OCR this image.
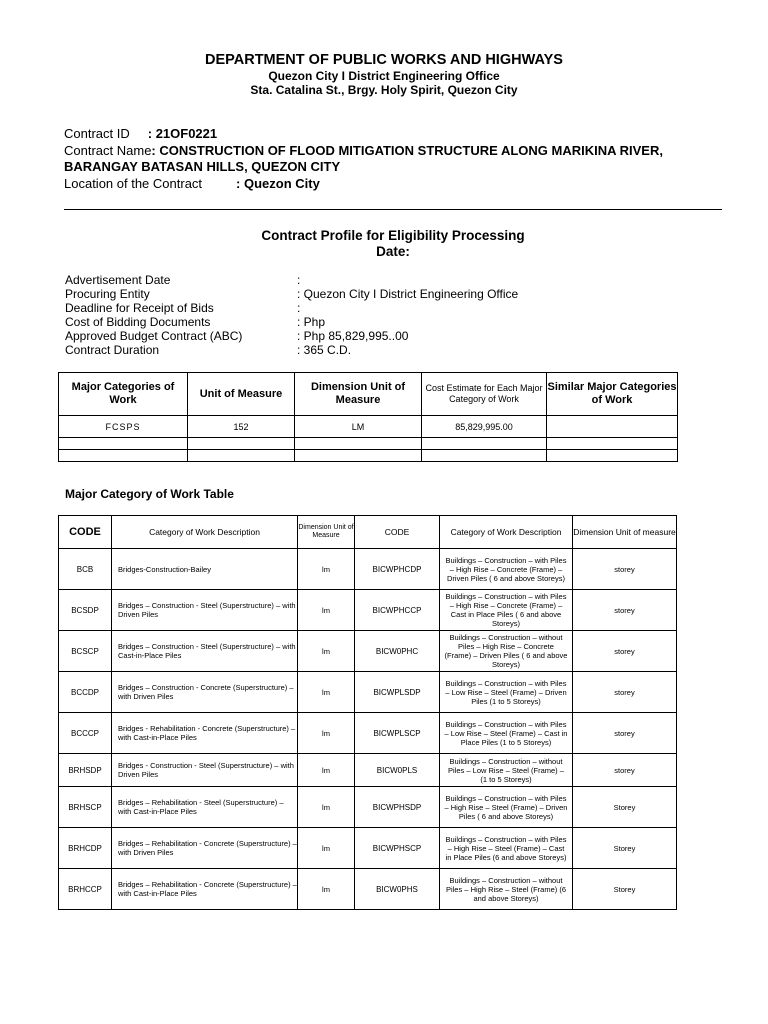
DEPARTMENT OF PUBLIC WORKS AND HIGHWAYS
Quezon City I District Engineering Office
Sta. Catalina St., Brgy. Holy Spirit, Quezon City
Contract ID : 21OF0221
Contract Name: CONSTRUCTION OF FLOOD MITIGATION STRUCTURE ALONG MARIKINA RIVER, BARANGAY BATASAN HILLS, QUEZON CITY
Location of the Contract	: Quezon City
Contract Profile for Eligibility Processing
Date:
Advertisement Date	:
Procuring Entity	: Quezon City I District Engineering Office
Deadline for Receipt of Bids	:
Cost of Bidding Documents	: Php
Approved Budget Contract (ABC)	: Php 85,829,995..00
Contract Duration	: 365 C.D.
Major Categories of Work	Unit of Measure	Dimension Unit of Measure	Cost Estimate for Each Major Category of Work	Similar Major Categories of Work
FCSPS	152	LM	85,829,995.00	

Major Category of Work Table
CODE	Category of Work Description	Dimension Unit of Measure	CODE	Category of Work Description	Dimension Unit of measure
BCB	Bridges-Construction-Bailey	lm	BICWPHCDP	Buildings – Construction – with Piles – High Rise – Concrete (Frame) – Driven Piles ( 6 and above Storeys)	storey
BCSDP	Bridges – Construction - Steel (Superstructure) – with Driven Piles	lm	BICWPHCCP	Buildings – Construction – with Piles – High Rise – Concrete (Frame) – Cast in Place Piles ( 6 and above Storeys)	storey
BCSCP	Bridges – Construction - Steel (Superstructure) – with Cast-in-Place Piles	lm	BICW0PHC	Buildings – Construction – without Piles – High Rise – Concrete (Frame) – Driven Piles ( 6 and above Storeys)	storey
BCCDP	Bridges – Construction - Concrete (Superstructure) – with Driven Piles	lm	BICWPLSDP	Buildings – Construction – with Piles – Low Rise – Steel (Frame) – Driven Piles (1 to 5 Storeys)	storey
BCCCP	Bridges - Rehabilitation - Concrete (Superstructure) – with Cast-in-Place Piles	lm	BICWPLSCP	Buildings – Construction – with Piles – Low Rise – Steel (Frame) – Cast in Place Piles (1 to 5 Storeys)	storey
BRHSDP	Bridges - Construction - Steel (Superstructure) – with Driven Piles	lm	BICW0PLS	Buildings – Construction – without Piles – Low Rise – Steel (Frame) – (1 to 5 Storeys)	storey
BRHSCP	Bridges – Rehabilitation - Steel (Superstructure) – with Cast-in-Place Piles	lm	BICWPHSDP	Buildings – Construction – with Piles – High Rise – Steel (Frame) – Driven Piles ( 6 and above Storeys)	Storey
BRHCDP	Bridges – Rehabilitation - Concrete (Superstructure) – with Driven Piles	lm	BICWPHSCP	Buildings – Construction – with Piles – High Rise – Steel (Frame) – Cast in Place Piles (6 and above Storeys)	Storey
BRHCCP	Bridges – Rehabilitation - Concrete (Superstructure) – with Cast-in-Place Piles	lm	BICW0PHS	Buildings – Construction – without Piles – High Rise – Steel (Frame) (6 and above Storeys)	Storey
